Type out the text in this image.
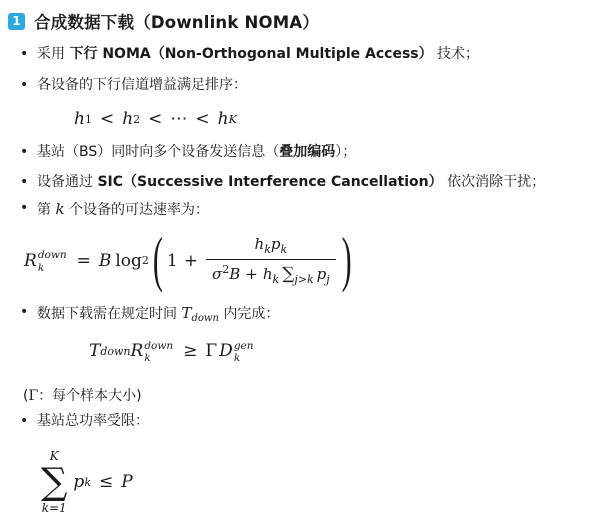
1 合成数据下载（Downlink NOMA）
• 采用 下行 NOMA（Non-Orthogonal Multiple Access） 技术；
• 各设备的下行信道增益满足排序：
h 1 < h 2 < ⋯ < h K
• 基站（BS）同时向多个设备发送信息（叠加编码）；
• 设备通过 SIC（Successive Interference Cancellation） 依次消除干扰；
• 第 k 个设备的可达速率为：
R down
k = B log 2 ( $1 + \frac{h_kp_k}{\sigma^2B + h_k \sum_{j>k} p_j}$ )
• 数据下载需在规定时间 $T_{down}$ 内完成：
T down R down
k ≥ Γ D gen
k
(Γ：每个样本大小)
• 基站总功率受限：
K
∑
k=1
p k ≤ P
